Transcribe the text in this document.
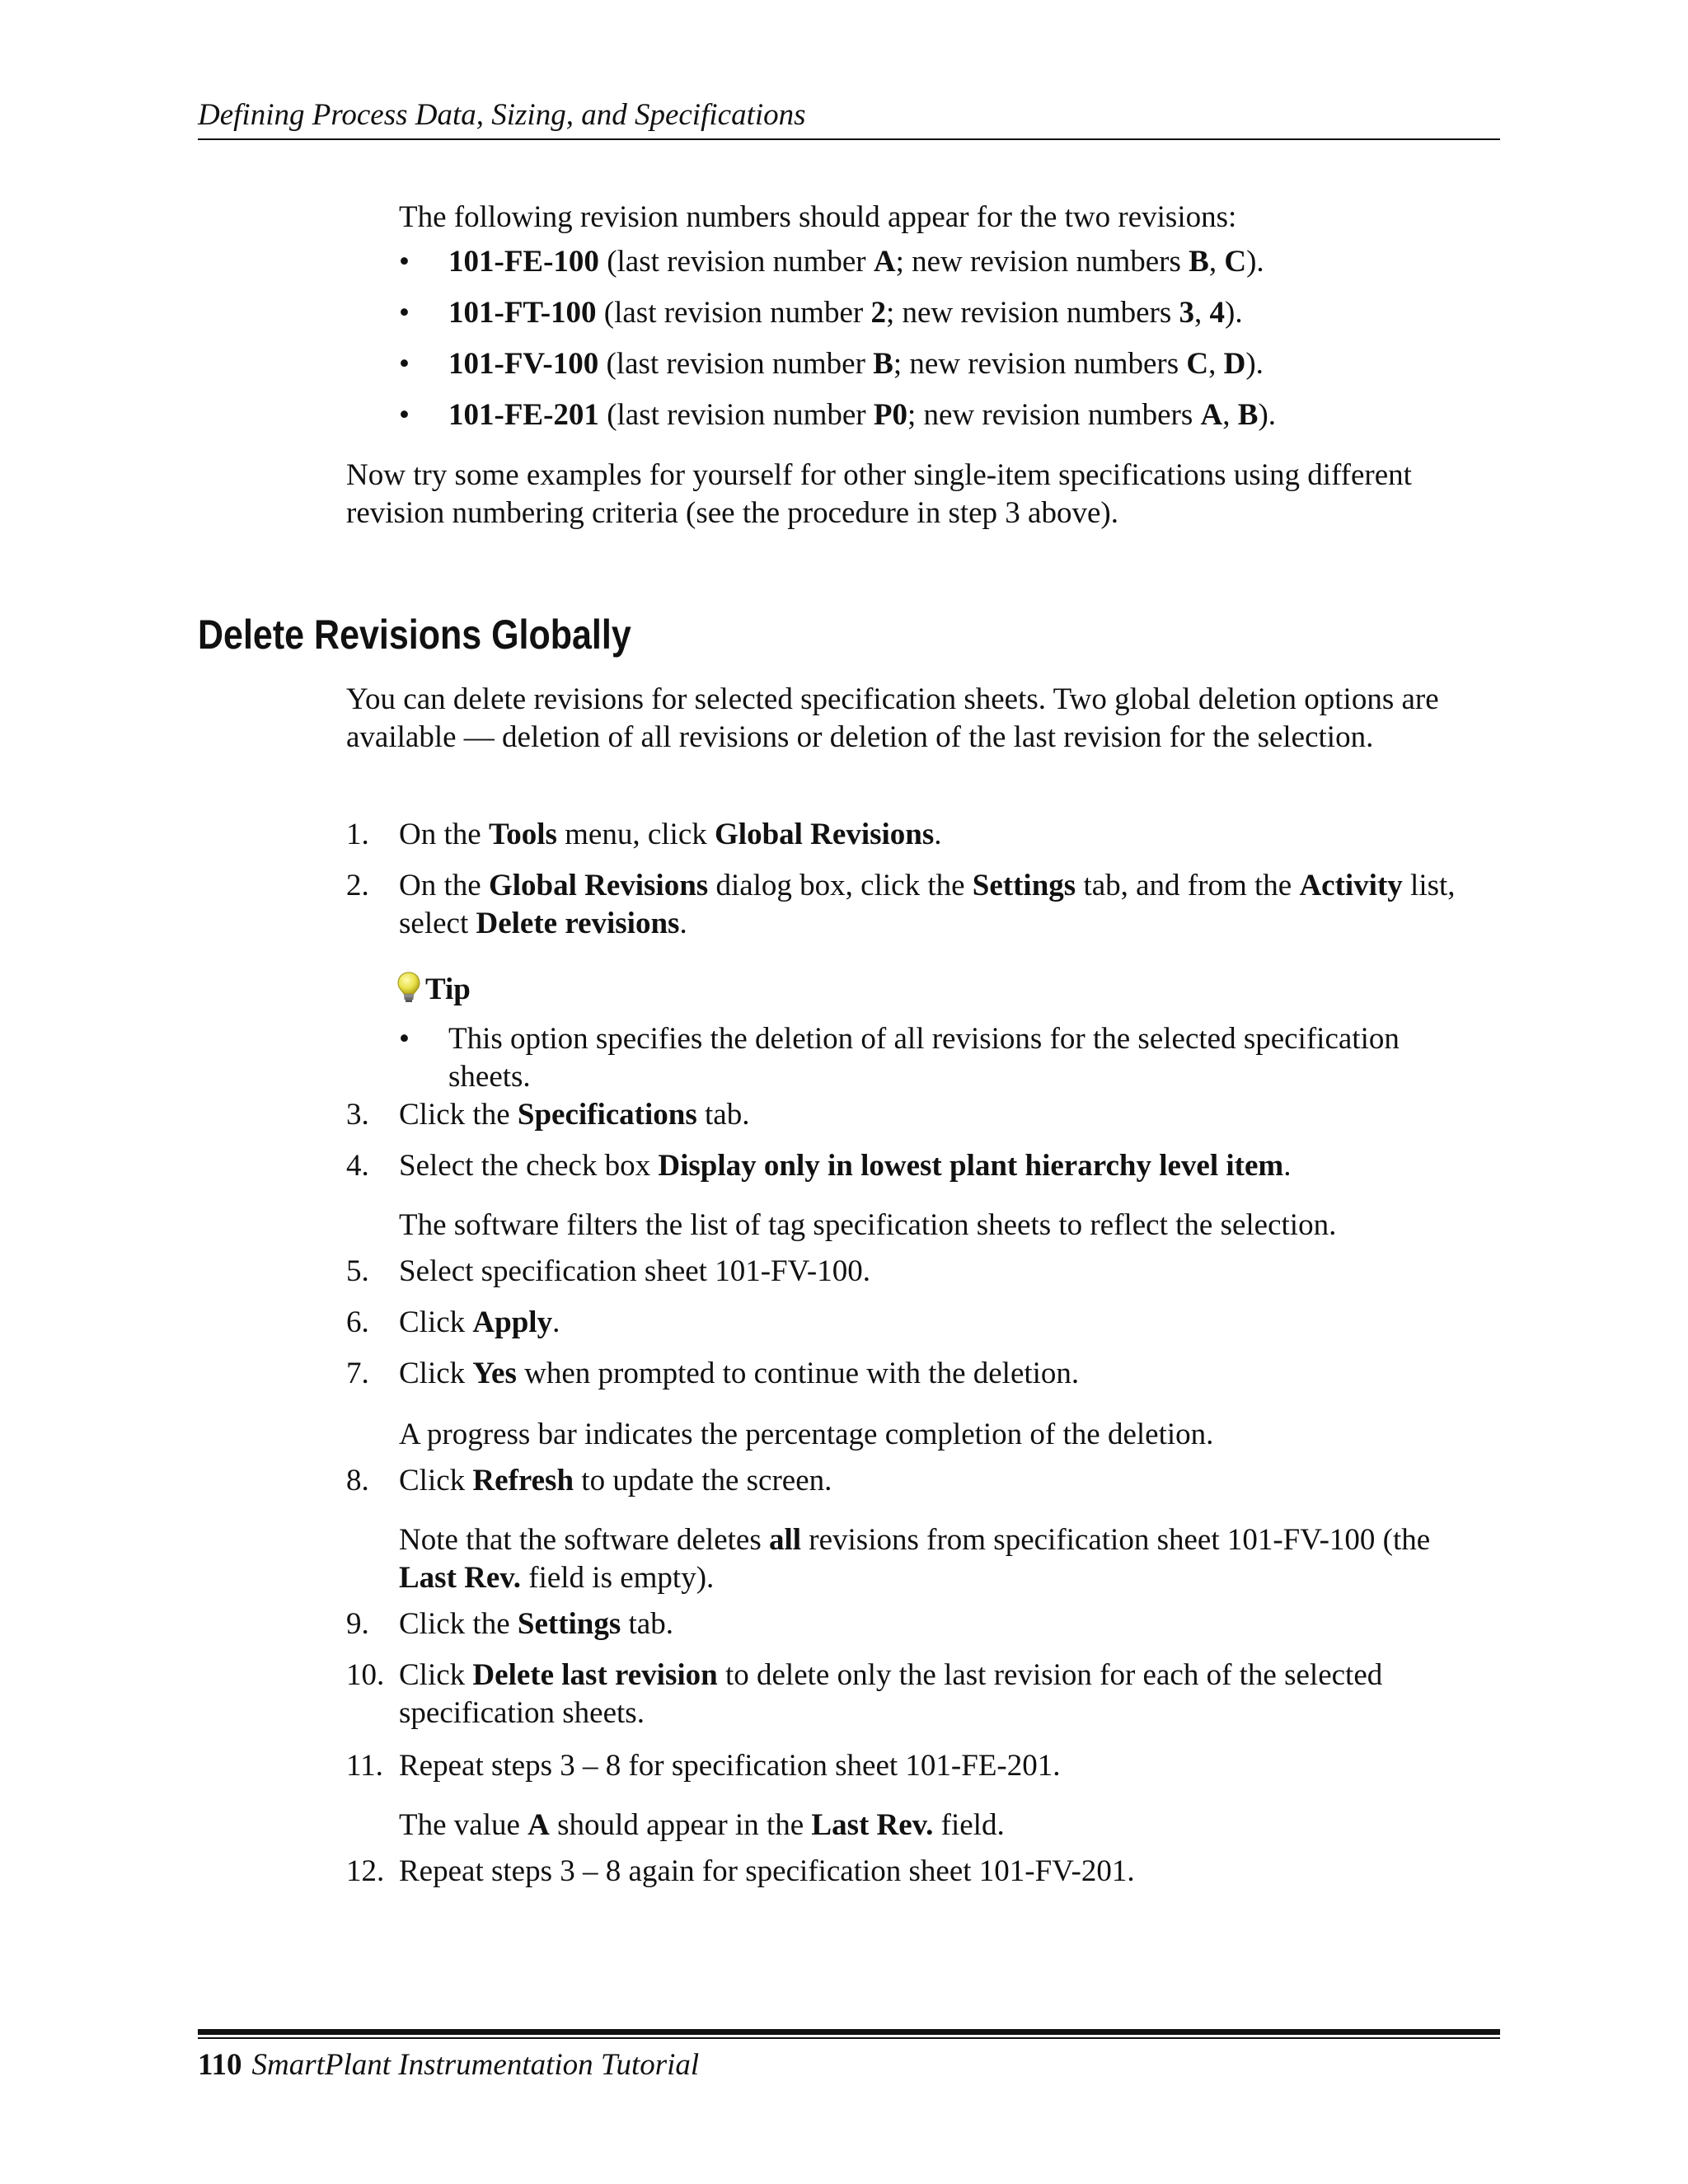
Defining Process Data, Sizing, and Specifications
The following revision numbers should appear for the two revisions:
•	101-FE-100 (last revision number A; new revision numbers B, C).
•	101-FT-100 (last revision number 2; new revision numbers 3, 4).
•	101-FV-100 (last revision number B; new revision numbers C, D).
•	101-FE-201 (last revision number P0; new revision numbers A, B).
Now try some examples for yourself for other single-item specifications using different revision numbering criteria (see the procedure in step 3 above).
Delete Revisions Globally
You can delete revisions for selected specification sheets. Two global deletion options are available — deletion of all revisions or deletion of the last revision for the selection.
1. On the Tools menu, click Global Revisions.
2. On the Global Revisions dialog box, click the Settings tab, and from the Activity list, select Delete revisions.
Tip
•	This option specifies the deletion of all revisions for the selected specification sheets.
3. Click the Specifications tab.
4. Select the check box Display only in lowest plant hierarchy level item.
The software filters the list of tag specification sheets to reflect the selection.
5. Select specification sheet 101-FV-100.
6. Click Apply.
7. Click Yes when prompted to continue with the deletion.
A progress bar indicates the percentage completion of the deletion.
8. Click Refresh to update the screen.
Note that the software deletes all revisions from specification sheet 101-FV-100 (the Last Rev. field is empty).
9. Click the Settings tab.
10. Click Delete last revision to delete only the last revision for each of the selected specification sheets.
11. Repeat steps 3 – 8 for specification sheet 101-FE-201.
The value A should appear in the Last Rev. field.
12. Repeat steps 3 – 8 again for specification sheet 101-FV-201.
110 SmartPlant Instrumentation Tutorial
